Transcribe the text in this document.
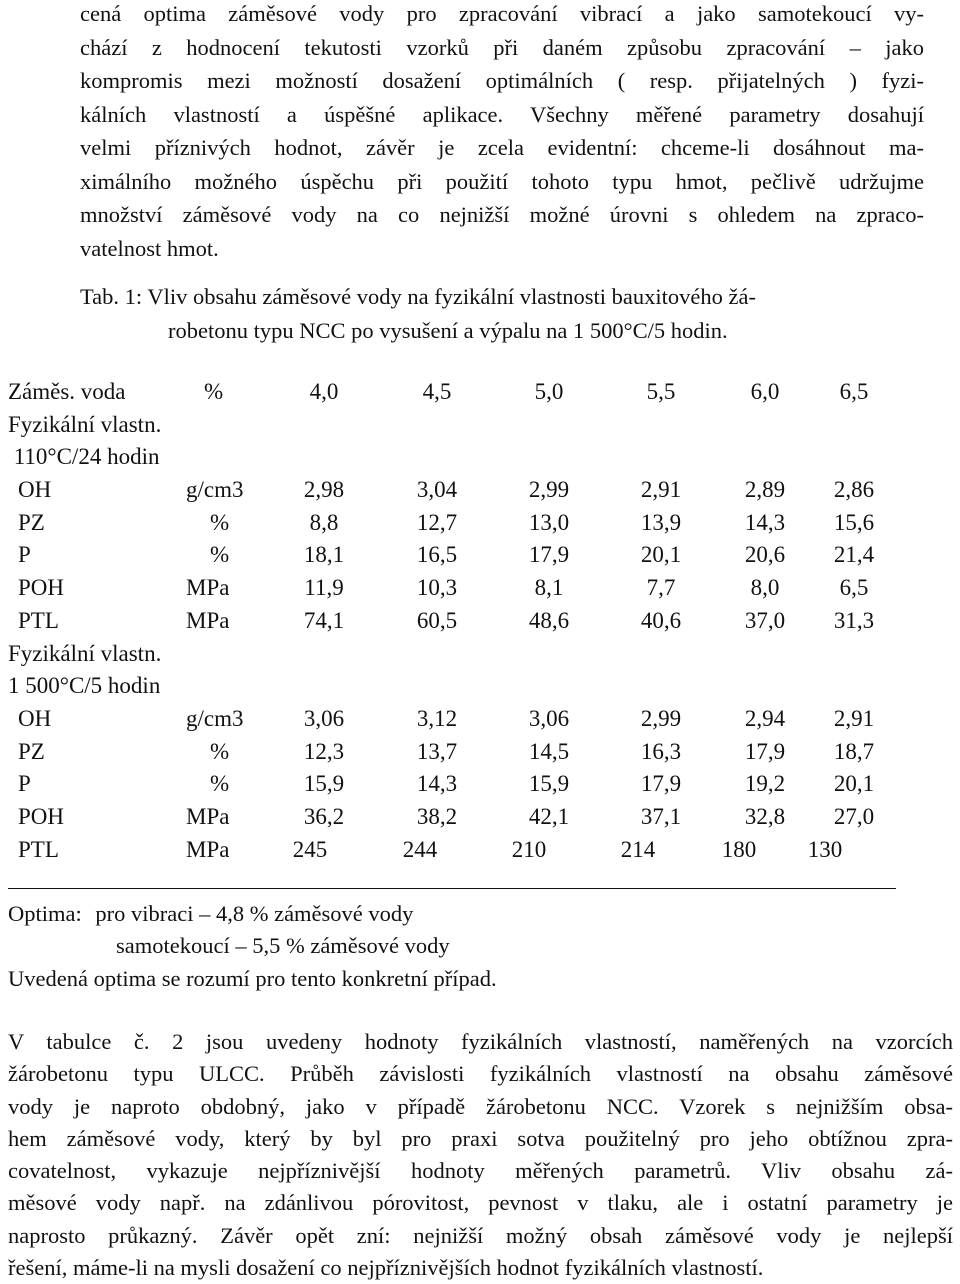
cená optima záměsové vody pro zpracování vibrací a jako samotekoucí vy-
chází z hodnocení tekutosti vzorků při daném způsobu zpracování – jako
kompromis mezi možností dosažení optimálních ( resp. přijatelných ) fyzi-
kálních vlastností a úspěšné aplikace. Všechny měřené parametry dosahují
velmi příznivých hodnot, závěr je zcela evidentní: chceme-li dosáhnout ma-
ximálního možného úspěchu při použití tohoto typu hmot, pečlivě udržujme
množství záměsové vody na co nejnižší možné úrovni s ohledem na zpraco-
vatelnost hmot.
Tab. 1: Vliv obsahu záměsové vody na fyzikální vlastnosti bauxitového žá-
robetonu typu NCC po vysušení a výpalu na 1 500°C/5 hodin.
Záměs. voda	%	4,0	4,5	5,0	5,5	6,0	6,5
Fyzikální vlastn.
110°C/24 hodin
OH	g/cm3	2,98	3,04	2,99	2,91	2,89	2,86
PZ	%	8,8	12,7	13,0	13,9	14,3	15,6
P	%	18,1	16,5	17,9	20,1	20,6	21,4
POH	MPa	11,9	10,3	8,1	7,7	8,0	6,5
PTL	MPa	74,1	60,5	48,6	40,6	37,0	31,3
Fyzikální vlastn.
1 500°C/5 hodin
OH	g/cm3	3,06	3,12	3,06	2,99	2,94	2,91
PZ	%	12,3	13,7	14,5	16,3	17,9	18,7
P	%	15,9	14,3	15,9	17,9	19,2	20,1
POH	MPa	36,2	38,2	42,1	37,1	32,8	27,0
PTL	MPa	245	244	210	214	180	130
Optima: pro vibraci – 4,8 % záměsové vody
samotekoucí – 5,5 % záměsové vody
Uvedená optima se rozumí pro tento konkretní případ.
V tabulce č. 2 jsou uvedeny hodnoty fyzikálních vlastností, naměřených na vzorcích
žárobetonu typu ULCC. Průběh závislosti fyzikálních vlastností na obsahu záměsové
vody je naproto obdobný, jako v případě žárobetonu NCC. Vzorek s nejnižším obsa-
hem záměsové vody, který by byl pro praxi sotva použitelný pro jeho obtížnou zpra-
covatelnost, vykazuje nejpříznivější hodnoty měřených parametrů. Vliv obsahu zá-
měsové vody např. na zdánlivou pórovitost, pevnost v tlaku, ale i ostatní parametry je
naprosto průkazný. Závěr opět zní: nejnižší možný obsah záměsové vody je nejlepší
řešení, máme-li na mysli dosažení co nejpříznivějších hodnot fyzikálních vlastností.
